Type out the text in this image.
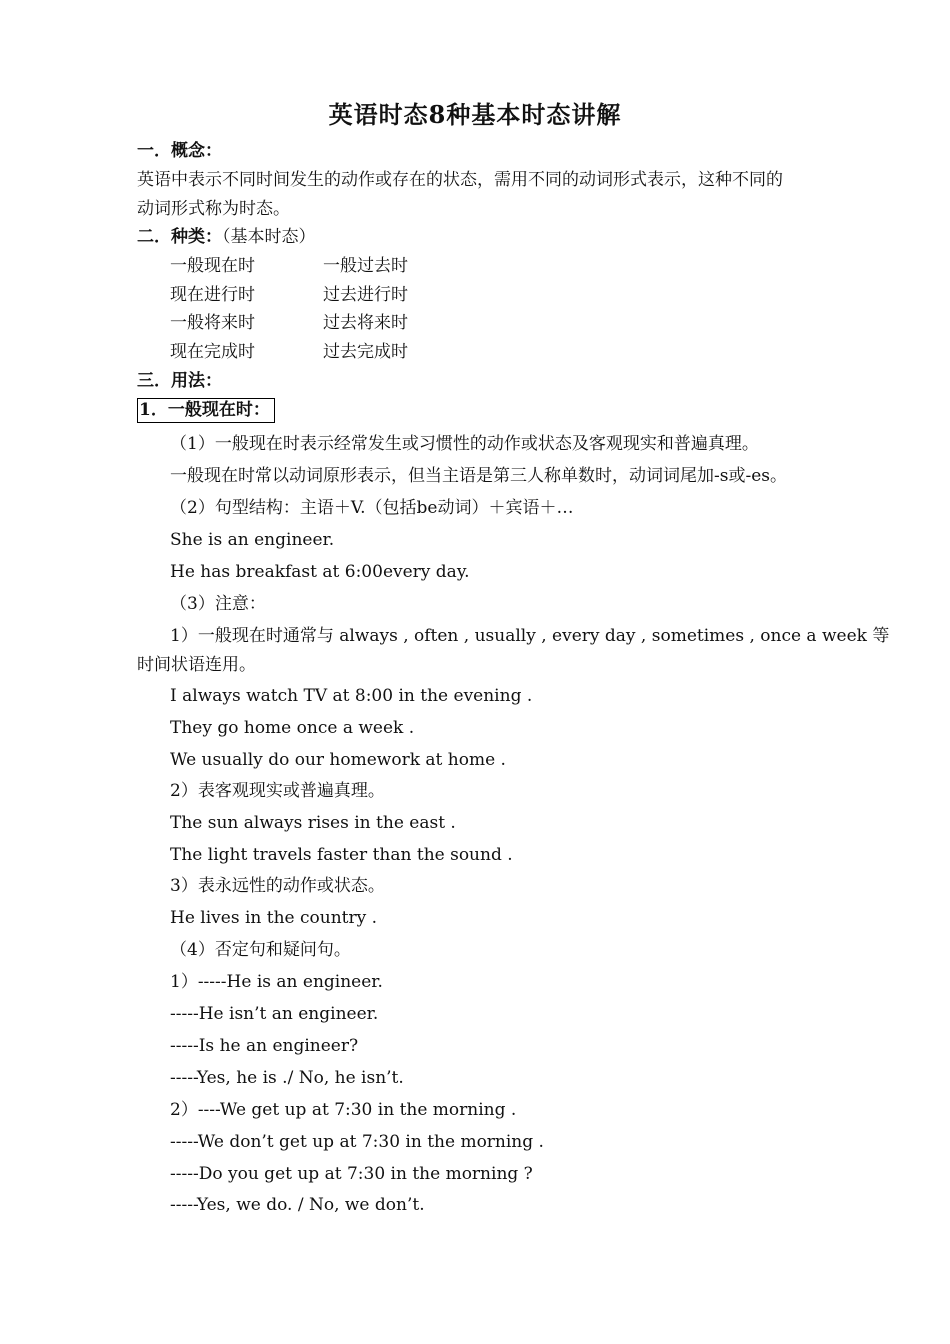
英语时态8种基本时态讲解
一．概念：
英语中表示不同时间发生的动作或存在的状态，需用不同的动词形式表示，这种不同的
动词形式称为时态。
二．种类：（基本时态）
一般现在时	一般过去时
现在进行时	过去进行时
一般将来时	过去将来时
现在完成时	过去完成时
三．用法：
1．一般现在时：
（1）一般现在时表示经常发生或习惯性的动作或状态及客观现实和普遍真理。
一般现在时常以动词原形表示，但当主语是第三人称单数时，动词词尾加-s或-es。
（2）句型结构：主语＋V.（包括be动词）＋宾语＋…
She is an engineer.
He has breakfast at 6:00every day.
（3）注意：
1）一般现在时通常与 always , often , usually , every day , sometimes , once a week 等
时间状语连用。
I always watch TV at 8:00 in the evening .
They go home once a week .
We usually do our homework at home .
2）表客观现实或普遍真理。
The sun always rises in the east .
The light travels faster than the sound .
3）表永远性的动作或状态。
He lives in the country .
（4）否定句和疑问句。
1）-----He is an engineer.
-----He isn’t an engineer.
-----Is he an engineer?
-----Yes, he is ./ No, he isn’t.
2）----We get up at 7:30 in the morning .
-----We don’t get up at 7:30 in the morning .
-----Do you get up at 7:30 in the morning ?
-----Yes, we do. / No, we don’t.
